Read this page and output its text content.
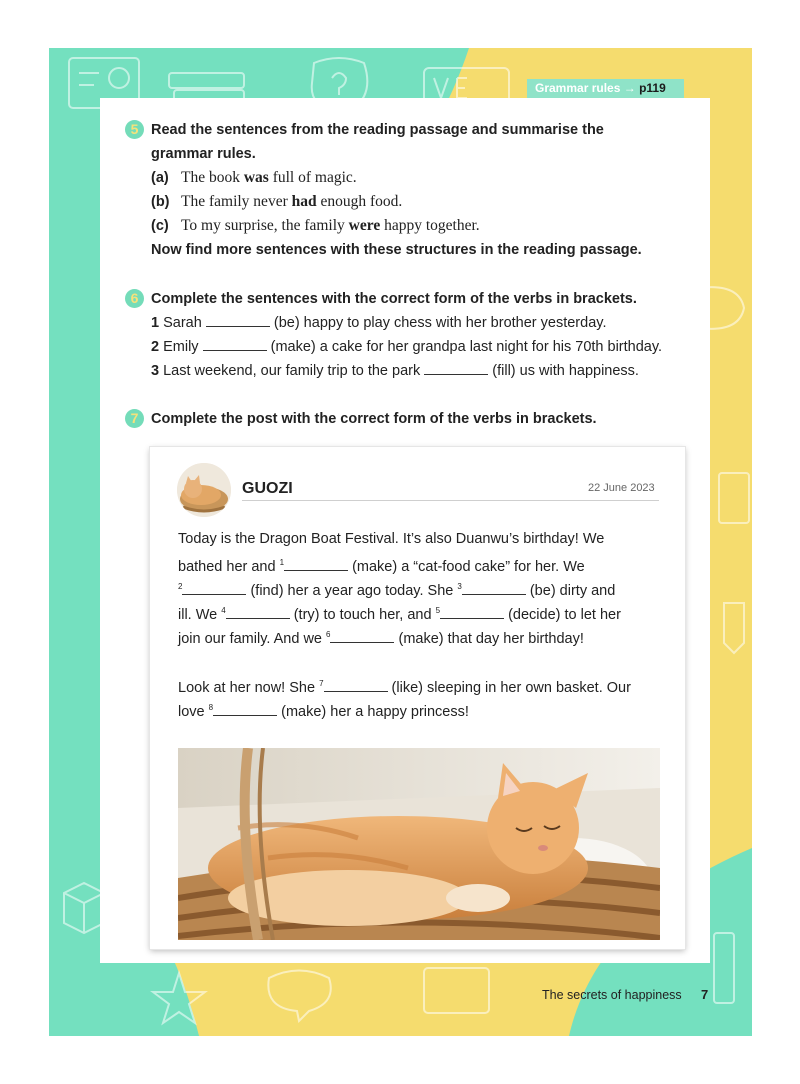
Grammar rules → p119
5 Read the sentences from the reading passage and summarise the
grammar rules.
(a) The book was full of magic.
(b) The family never had enough food.
(c) To my surprise, the family were happy together.
Now find more sentences with these structures in the reading passage.
6 Complete the sentences with the correct form of the verbs in brackets.
1 Sarah	(be) happy to play chess with her brother yesterday.
2 Emily	(make) a cake for her grandpa last night for his 70th birthday.
3 Last weekend, our family trip to the park	(fill) us with happiness.
7 Complete the post with the correct form of the verbs in brackets.
GUOZI	22 June 2023
Today is the Dragon Boat Festival. It’s also Duanwu’s birthday! We
bathed her and $^1$	(make) a “cat-food cake” for her. We
$^2$	(find) her a year ago today. She $^3$	(be) dirty and
ill. We $^4$	(try) to touch her, and $^5$	(decide) to let her
join our family. And we $^6$	(make) that day her birthday!
Look at her now! She $^7$	(like) sleeping in her own basket. Our
love $^8$	(make) her a happy princess!
The secrets of happiness 7
